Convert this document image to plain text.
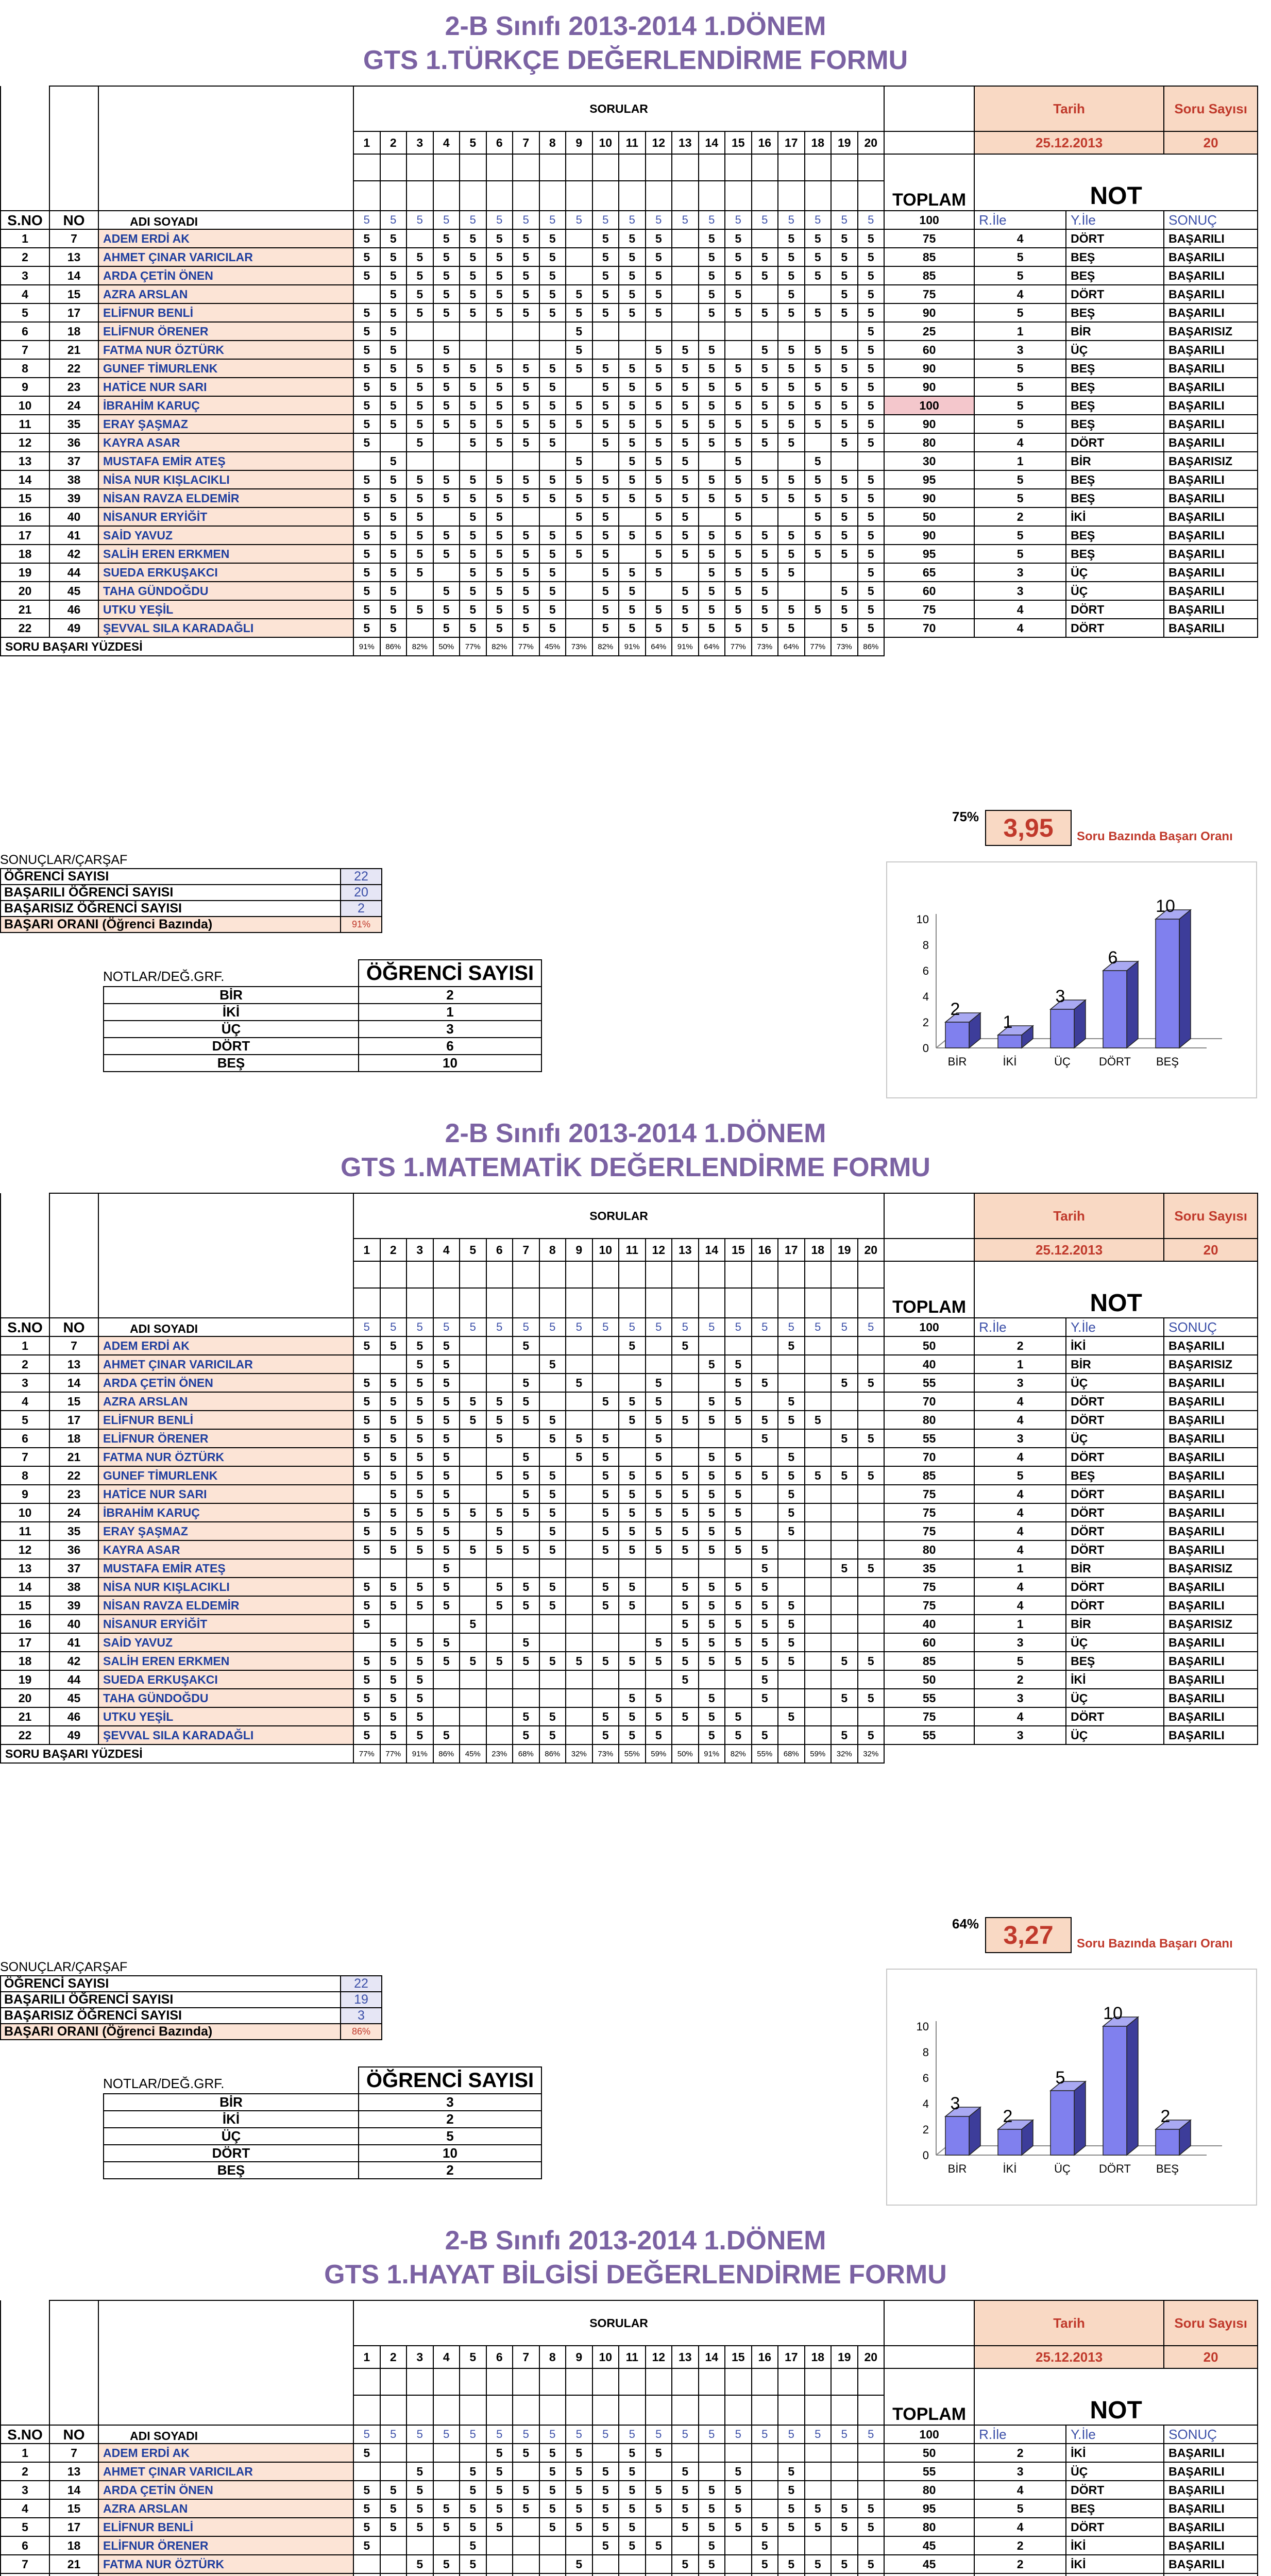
2-B Sınıfı 2013-2014 1.DÖNEM
GTS 1.TÜRKÇE DEĞERLENDİRME FORMU
			SORULAR																					Tarih		Soru Sayısı
			1	2	3	4	5	6	7	8	9	10	11	12	13	14	15	16	17	18	19	20		25.12.2013		20
																							TOPLAM	NOT		

S.NO	NO	ADI SOYADI	5	5	5	5	5	5	5	5	5	5	5	5	5	5	5	5	5	5	5	5	100	R.İle	Y.İle	SONUÇ
1	7	ADEM ERDİ AK	5	5		5	5	5	5	5		5	5	5		5	5		5	5	5	5	75	4	DÖRT	BAŞARILI
2	13	AHMET ÇINAR VARICILAR	5	5	5	5	5	5	5	5		5	5	5		5	5	5	5	5	5	5	85	5	BEŞ	BAŞARILI
3	14	ARDA ÇETİN ÖNEN	5	5	5	5	5	5	5	5		5	5	5		5	5	5	5	5	5	5	85	5	BEŞ	BAŞARILI
4	15	AZRA ARSLAN		5	5	5	5	5	5	5	5	5	5	5		5	5		5		5	5	75	4	DÖRT	BAŞARILI
5	17	ELİFNUR BENLİ	5	5	5	5	5	5	5	5	5	5	5	5		5	5	5	5	5	5	5	90	5	BEŞ	BAŞARILI
6	18	ELİFNUR ÖRENER	5	5							5											5	25	1	BİR	BAŞARISIZ
7	21	FATMA NUR ÖZTÜRK	5	5		5					5			5	5	5		5	5	5	5	5	60	3	ÜÇ	BAŞARILI
8	22	GUNEF TİMURLENK	5	5	5	5	5	5	5	5	5	5	5	5	5	5	5	5	5	5	5	5	90	5	BEŞ	BAŞARILI
9	23	HATİCE NUR SARI	5	5	5	5	5	5	5	5		5	5	5	5	5	5	5	5	5	5	5	90	5	BEŞ	BAŞARILI
10	24	İBRAHİM KARUÇ	5	5	5	5	5	5	5	5	5	5	5	5	5	5	5	5	5	5	5	5	100	5	BEŞ	BAŞARILI
11	35	ERAY ŞAŞMAZ	5	5	5	5	5	5	5	5	5	5	5	5	5	5	5	5	5	5	5	5	90	5	BEŞ	BAŞARILI
12	36	KAYRA ASAR	5		5		5	5	5	5		5	5	5	5	5	5	5	5		5	5	80	4	DÖRT	BAŞARILI
13	37	MUSTAFA EMİR ATEŞ		5							5		5	5	5		5			5			30	1	BİR	BAŞARISIZ
14	38	NİSA NUR KIŞLACIKLI	5	5	5	5	5	5	5	5	5	5	5	5	5	5	5	5	5	5	5	5	95	5	BEŞ	BAŞARILI
15	39	NİSAN RAVZA ELDEMİR	5	5	5	5	5	5	5	5	5	5	5	5	5	5	5	5	5	5	5	5	90	5	BEŞ	BAŞARILI
16	40	NİSANUR ERYİĞİT	5	5	5		5	5			5	5		5	5		5			5	5	5	50	2	İKİ	BAŞARILI
17	41	SAİD YAVUZ	5	5	5	5	5	5	5	5	5	5	5	5	5	5	5	5	5	5	5	5	90	5	BEŞ	BAŞARILI
18	42	SALİH EREN ERKMEN	5	5	5	5	5	5	5	5	5	5		5	5	5	5	5	5	5	5	5	95	5	BEŞ	BAŞARILI
19	44	SUEDA ERKUŞAKCI	5	5	5		5	5	5	5		5	5	5		5	5	5	5			5	65	3	ÜÇ	BAŞARILI
20	45	TAHA GÜNDOĞDU	5	5		5	5	5	5	5		5	5		5	5	5	5			5	5	60	3	ÜÇ	BAŞARILI
21	46	UTKU YEŞİL	5	5	5	5	5	5	5	5		5	5	5	5	5	5	5	5	5	5	5	75	4	DÖRT	BAŞARILI
22	49	ŞEVVAL SILA KARADAĞLI	5	5		5	5	5	5	5		5	5	5	5	5	5	5	5		5	5	70	4	DÖRT	BAŞARILI
SORU BAŞARI YÜZDESİ			91%	86%	82%	50%	77%	82%	77%	45%	73%	82%	91%	64%	91%	64%	77%	73%	64%	77%	73%	86%				
75% 3,95	Soru Bazında Başarı Oranı
SONUÇLAR/ÇARŞAF
ÖĞRENCİ SAYISI	22
BAŞARILI ÖĞRENCİ SAYISI	20
BAŞARISIZ ÖĞRENCİ SAYISI	2
BAŞARI ORANI (Öğrenci Bazında)	91%
NOTLAR/DEĞ.GRF.
		ÖĞRENCİ SAYISI
BİR	2
İKİ	1
ÜÇ	3
DÖRT	6
BEŞ	10
0
2
4
6
8
10
2
BİR
1
İKİ
3
ÜÇ
6
DÖRT
10
BEŞ
2-B Sınıfı 2013-2014 1.DÖNEM
GTS 1.MATEMATİK DEĞERLENDİRME FORMU
			SORULAR																					Tarih		Soru Sayısı
			1	2	3	4	5	6	7	8	9	10	11	12	13	14	15	16	17	18	19	20		25.12.2013		20
																							TOPLAM	NOT		

S.NO	NO	ADI SOYADI	5	5	5	5	5	5	5	5	5	5	5	5	5	5	5	5	5	5	5	5	100	R.İle	Y.İle	SONUÇ
1	7	ADEM ERDİ AK	5	5	5	5			5				5		5				5				50	2	İKİ	BAŞARILI
2	13	AHMET ÇINAR VARICILAR			5	5				5						5	5						40	1	BİR	BAŞARISIZ
3	14	ARDA ÇETİN ÖNEN	5	5	5	5			5		5			5			5	5			5	5	55	3	ÜÇ	BAŞARILI
4	15	AZRA ARSLAN	5	5	5	5	5	5	5			5	5	5		5	5		5				70	4	DÖRT	BAŞARILI
5	17	ELİFNUR BENLİ	5	5	5	5	5	5	5	5			5	5	5	5	5	5	5	5			80	4	DÖRT	BAŞARILI
6	18	ELİFNUR ÖRENER	5	5	5	5		5		5	5	5		5				5			5	5	55	3	ÜÇ	BAŞARILI
7	21	FATMA NUR ÖZTÜRK	5	5	5	5			5		5	5		5		5	5		5				70	4	DÖRT	BAŞARILI
8	22	GUNEF TİMURLENK	5	5	5	5		5	5	5		5	5	5	5	5	5	5	5	5	5	5	85	5	BEŞ	BAŞARILI
9	23	HATİCE NUR SARI		5	5	5			5	5		5	5	5	5	5	5		5				75	4	DÖRT	BAŞARILI
10	24	İBRAHİM KARUÇ	5	5	5	5	5	5	5	5		5	5	5	5	5	5		5				75	4	DÖRT	BAŞARILI
11	35	ERAY ŞAŞMAZ	5	5	5	5		5		5		5	5	5	5	5	5		5				75	4	DÖRT	BAŞARILI
12	36	KAYRA ASAR	5	5	5	5	5	5	5	5		5	5	5	5	5	5	5					80	4	DÖRT	BAŞARILI
13	37	MUSTAFA EMİR ATEŞ				5												5			5	5	35	1	BİR	BAŞARISIZ
14	38	NİSA NUR KIŞLACIKLI	5	5	5	5		5	5	5		5	5		5	5	5	5					75	4	DÖRT	BAŞARILI
15	39	NİSAN RAVZA ELDEMİR	5	5	5	5		5	5	5		5	5		5	5	5	5	5				75	4	DÖRT	BAŞARILI
16	40	NİSANUR ERYİĞİT	5				5								5	5	5	5	5				40	1	BİR	BAŞARISIZ
17	41	SAİD YAVUZ		5	5	5			5					5	5	5	5	5	5				60	3	ÜÇ	BAŞARILI
18	42	SALİH EREN ERKMEN	5	5	5	5	5	5	5	5	5	5	5	5	5	5	5	5	5		5	5	85	5	BEŞ	BAŞARILI
19	44	SUEDA ERKUŞAKCI	5	5	5										5			5					50	2	İKİ	BAŞARILI
20	45	TAHA GÜNDOĞDU	5	5	5								5	5		5		5			5	5	55	3	ÜÇ	BAŞARILI
21	46	UTKU YEŞİL	5	5	5				5	5		5	5	5	5	5	5		5				75	4	DÖRT	BAŞARILI
22	49	ŞEVVAL SILA KARADAĞLI	5	5	5	5			5	5		5	5	5		5	5	5			5	5	55	3	ÜÇ	BAŞARILI
SORU BAŞARI YÜZDESİ			77%	77%	91%	86%	45%	23%	68%	86%	32%	73%	55%	59%	50%	91%	82%	55%	68%	59%	32%	32%				
64% 3,27	Soru Bazında Başarı Oranı
SONUÇLAR/ÇARŞAF
ÖĞRENCİ SAYISI	22
BAŞARILI ÖĞRENCİ SAYISI	19
BAŞARISIZ ÖĞRENCİ SAYISI	3
BAŞARI ORANI (Öğrenci Bazında)	86%
NOTLAR/DEĞ.GRF.
		ÖĞRENCİ SAYISI
BİR	3
İKİ	2
ÜÇ	5
DÖRT	10
BEŞ	2
0
2
4
6
8
10
3
BİR
2
İKİ
5
ÜÇ
10
DÖRT
2
BEŞ
2-B Sınıfı 2013-2014 1.DÖNEM
GTS 1.HAYAT BİLGİSİ DEĞERLENDİRME FORMU
			SORULAR																					Tarih		Soru Sayısı
			1	2	3	4	5	6	7	8	9	10	11	12	13	14	15	16	17	18	19	20		25.12.2013		20
																							TOPLAM	NOT		

S.NO	NO	ADI SOYADI	5	5	5	5	5	5	5	5	5	5	5	5	5	5	5	5	5	5	5	5	100	R.İle	Y.İle	SONUÇ
1	7	ADEM ERDİ AK	5					5	5	5	5		5	5									50	2	İKİ	BAŞARILI
2	13	AHMET ÇINAR VARICILAR			5		5	5		5	5	5	5		5		5		5				55	3	ÜÇ	BAŞARILI
3	14	ARDA ÇETİN ÖNEN	5	5	5		5	5	5	5	5	5	5	5	5	5	5		5				80	4	DÖRT	BAŞARILI
4	15	AZRA ARSLAN	5	5	5	5	5	5	5	5	5	5	5	5	5	5	5		5	5	5	5	95	5	BEŞ	BAŞARILI
5	17	ELİFNUR BENLİ	5	5	5	5	5	5		5	5	5	5		5	5	5	5	5	5	5	5	80	4	DÖRT	BAŞARILI
6	18	ELİFNUR ÖRENER	5				5					5	5	5		5		5					45	2	İKİ	BAŞARILI
7	21	FATMA NUR ÖZTÜRK			5	5	5				5				5	5		5	5	5	5	5	45	2	İKİ	BAŞARILI
